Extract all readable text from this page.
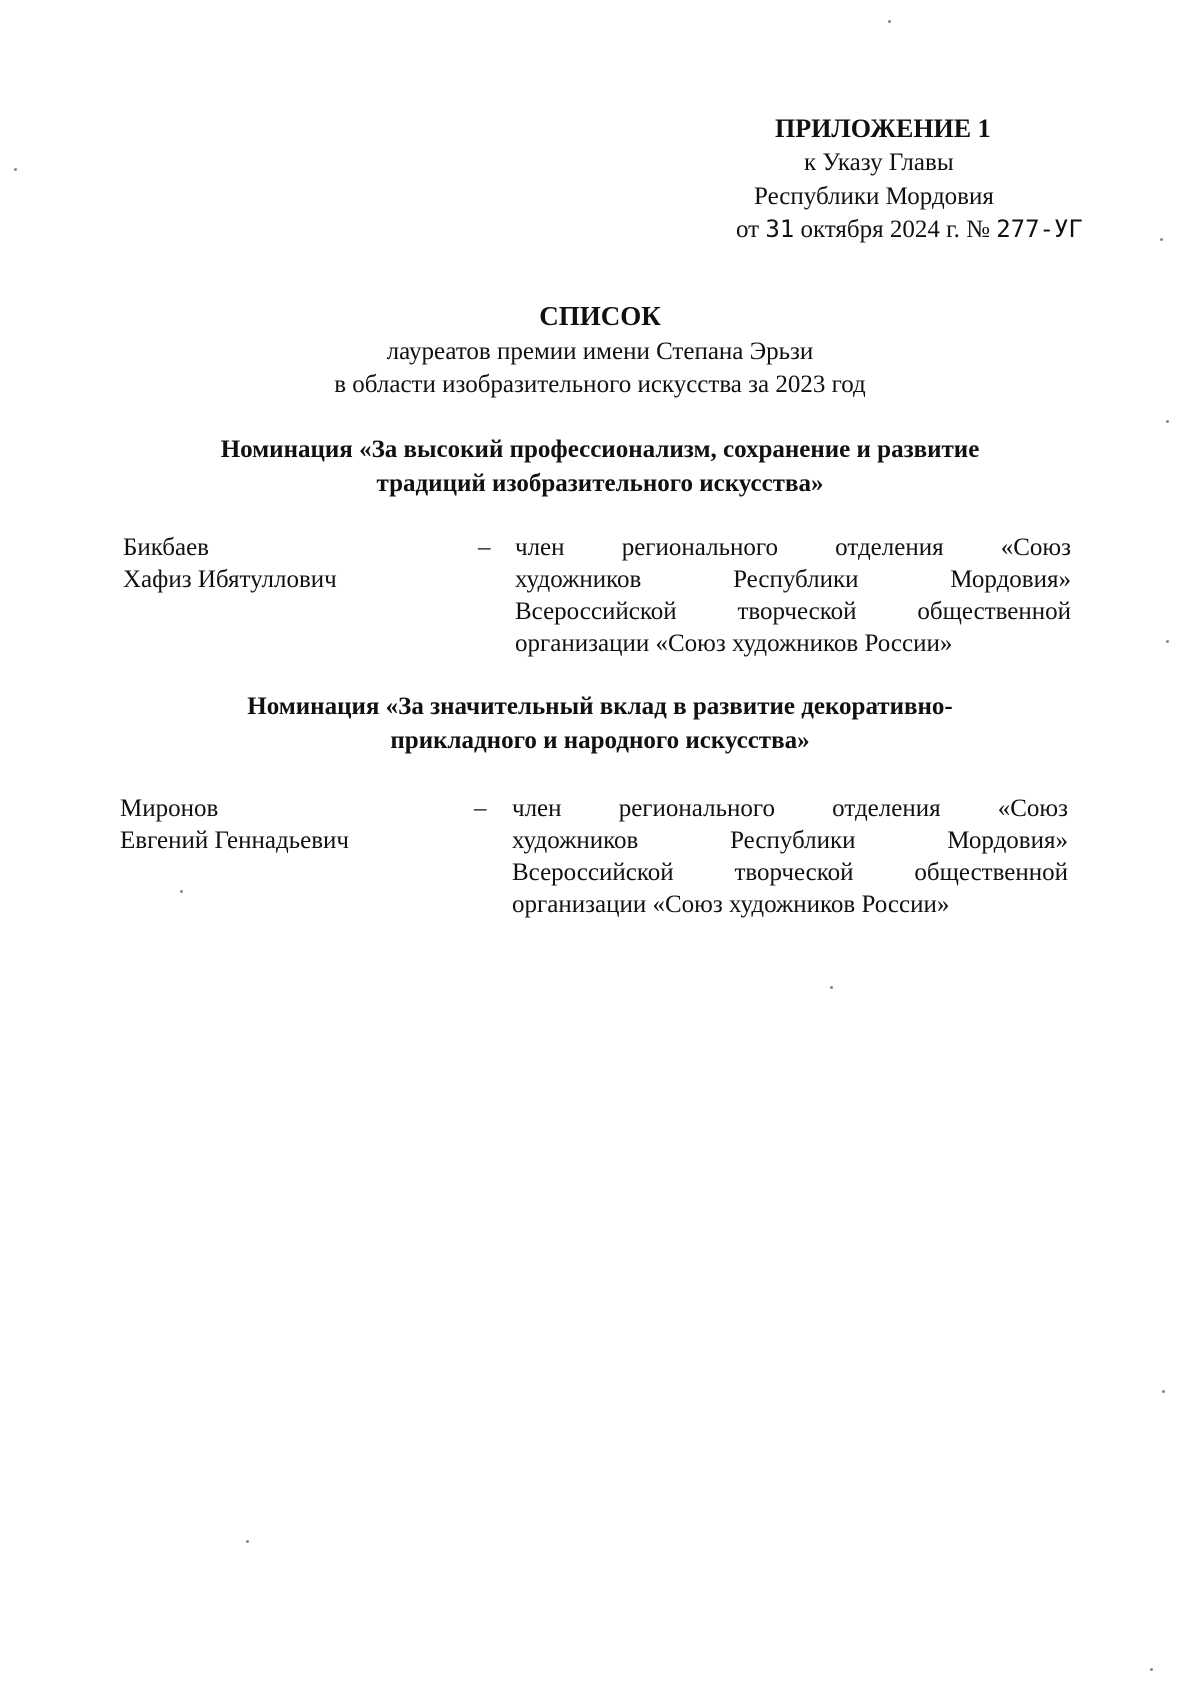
ПРИЛОЖЕНИЕ 1
к Указу Главы
Республики Мордовия
от 31 октября 2024 г. № 277-УГ
СПИСОК
лауреатов премии имени Степана Эрьзи
в области изобразительного искусства за 2023 год
Номинация «За высокий профессионализм, сохранение и развитие
традиций изобразительного искусства»
Бикбаев
Хафиз Ибятуллович
– член регионального отделения «Союз
художников Республики Мордовия»
Всероссийской творческой общественной
организации «Союз художников России»
Номинация «За значительный вклад в развитие декоративно-
прикладного и народного искусства»
Миронов
Евгений Геннадьевич
– член регионального отделения «Союз
художников Республики Мордовия»
Всероссийской творческой общественной
организации «Союз художников России»
